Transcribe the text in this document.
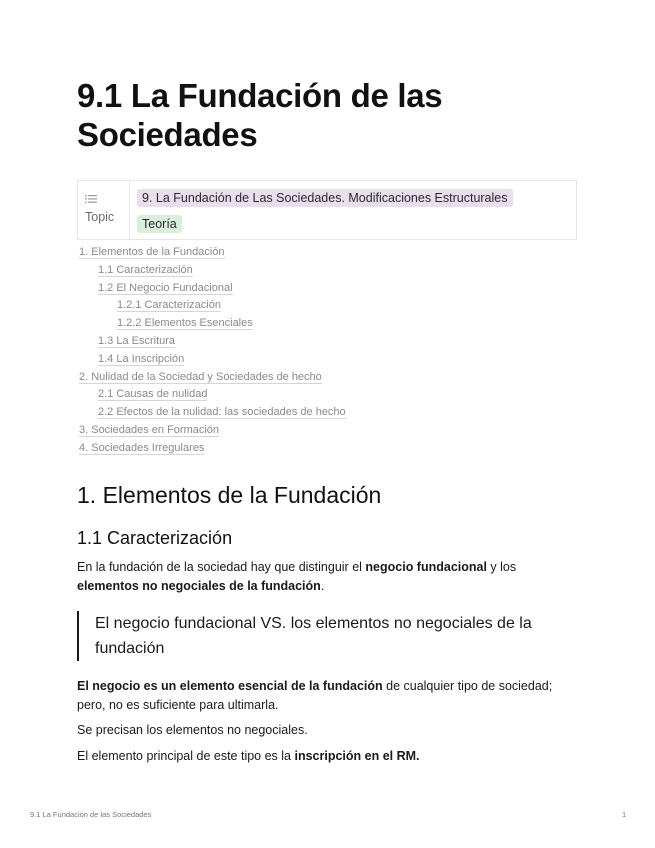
9.1 La Fundación de las Sociedades
Topic
9. La Fundación de Las Sociedades. Modificaciones Estructurales
Teoría
1. Elementos de la Fundación
1.1 Caracterización
1.2 El Negocio Fundacional
1.2.1 Caracterización
1.2.2 Elementos Esenciales
1.3 La Escritura
1.4 La Inscripción
2. Nulidad de la Sociedad y Sociedades de hecho
2.1 Causas de nulidad
2.2 Efectos de la nulidad: las sociedades de hecho
3. Sociedades en Formación
4. Sociedades Irregulares
1. Elementos de la Fundación
1.1 Caracterización

En la fundación de la sociedad hay que distinguir el negocio fundacional y los elementos no negociales de la fundación.

El negocio fundacional VS. los elementos no negociales de la fundación

El negocio es un elemento esencial de la fundación de cualquier tipo de sociedad; pero, no es suficiente para ultimarla.

Se precisan los elementos no negociales.

El elemento principal de este tipo es la inscripción en el RM.

9.1 La Fundación de las Sociedades	1
